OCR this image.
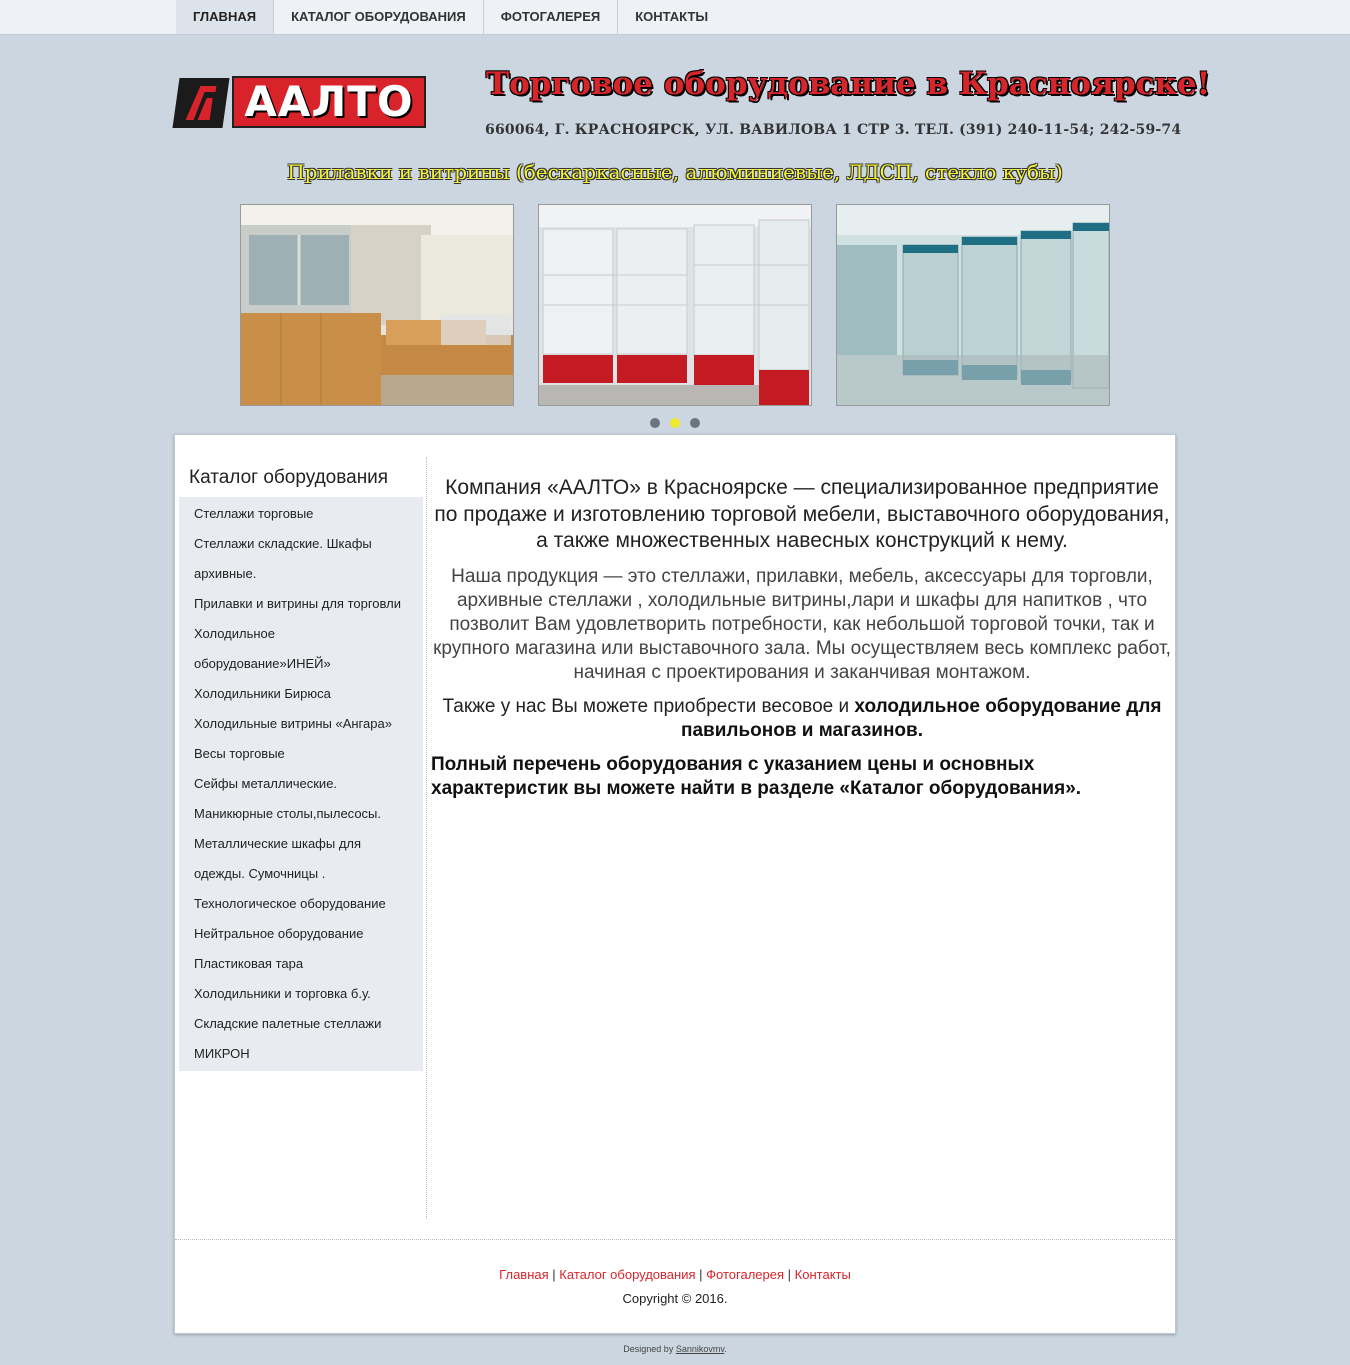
ГЛАВНАЯ	КАТАЛОГ ОБОРУДОВАНИЯ	ФОТОГАЛЕРЕЯ	КОНТАКТЫ
ААЛТО	Торговое оборудование в Красноярске!
660064, Г. КРАСНОЯРСК, УЛ. ВАВИЛОВА 1 СТР 3. ТЕЛ. (391) 240-11-54; 242-59-74
Прилавки и витрины (бескаркасные, алюминиевые, ЛДСП, стекло кубы)
Каталог оборудования
Стеллажи торговые
Стеллажи складские. Шкафы архивные.
Прилавки и витрины для торговли
Холодильное оборудование»ИНЕЙ»
Холодильники Бирюса
Холодильные витрины «Ангара»
Весы торговые
Сейфы металлические.
Маникюрные столы,пылесосы.
Металлические шкафы для одежды. Сумочницы .
Технологическое оборудование
Нейтральное оборудование
Пластиковая тара
Холодильники и торговка б.у.
Складские палетные стеллажи
МИКРОН

Компания «ААЛТО» в Красноярске — специализированное предприятие по продаже и изготовлению торговой мебели, выставочного оборудования, а также множественных навесных конструкций к нему.

Наша продукция — это стеллажи, прилавки, мебель, аксессуары для торговли, архивные стеллажи , холодильные витрины,лари и шкафы для напитков , что позволит Вам удовлетворить потребности, как небольшой торговой точки, так и крупного магазина или выставочного зала. Мы осуществляем весь комплекс работ, начиная с проектирования и заканчивая монтажом.

Также у нас Вы можете приобрести весовое и холодильное оборудование для павильонов и магазинов.

Полный перечень оборудования с указанием цены и основных характеристик вы можете найти в разделе «Каталог оборудования».

Главная | Каталог оборудования | Фотогалерея | Контакты
Copyright © 2016.
Designed by Sannikovmv.
